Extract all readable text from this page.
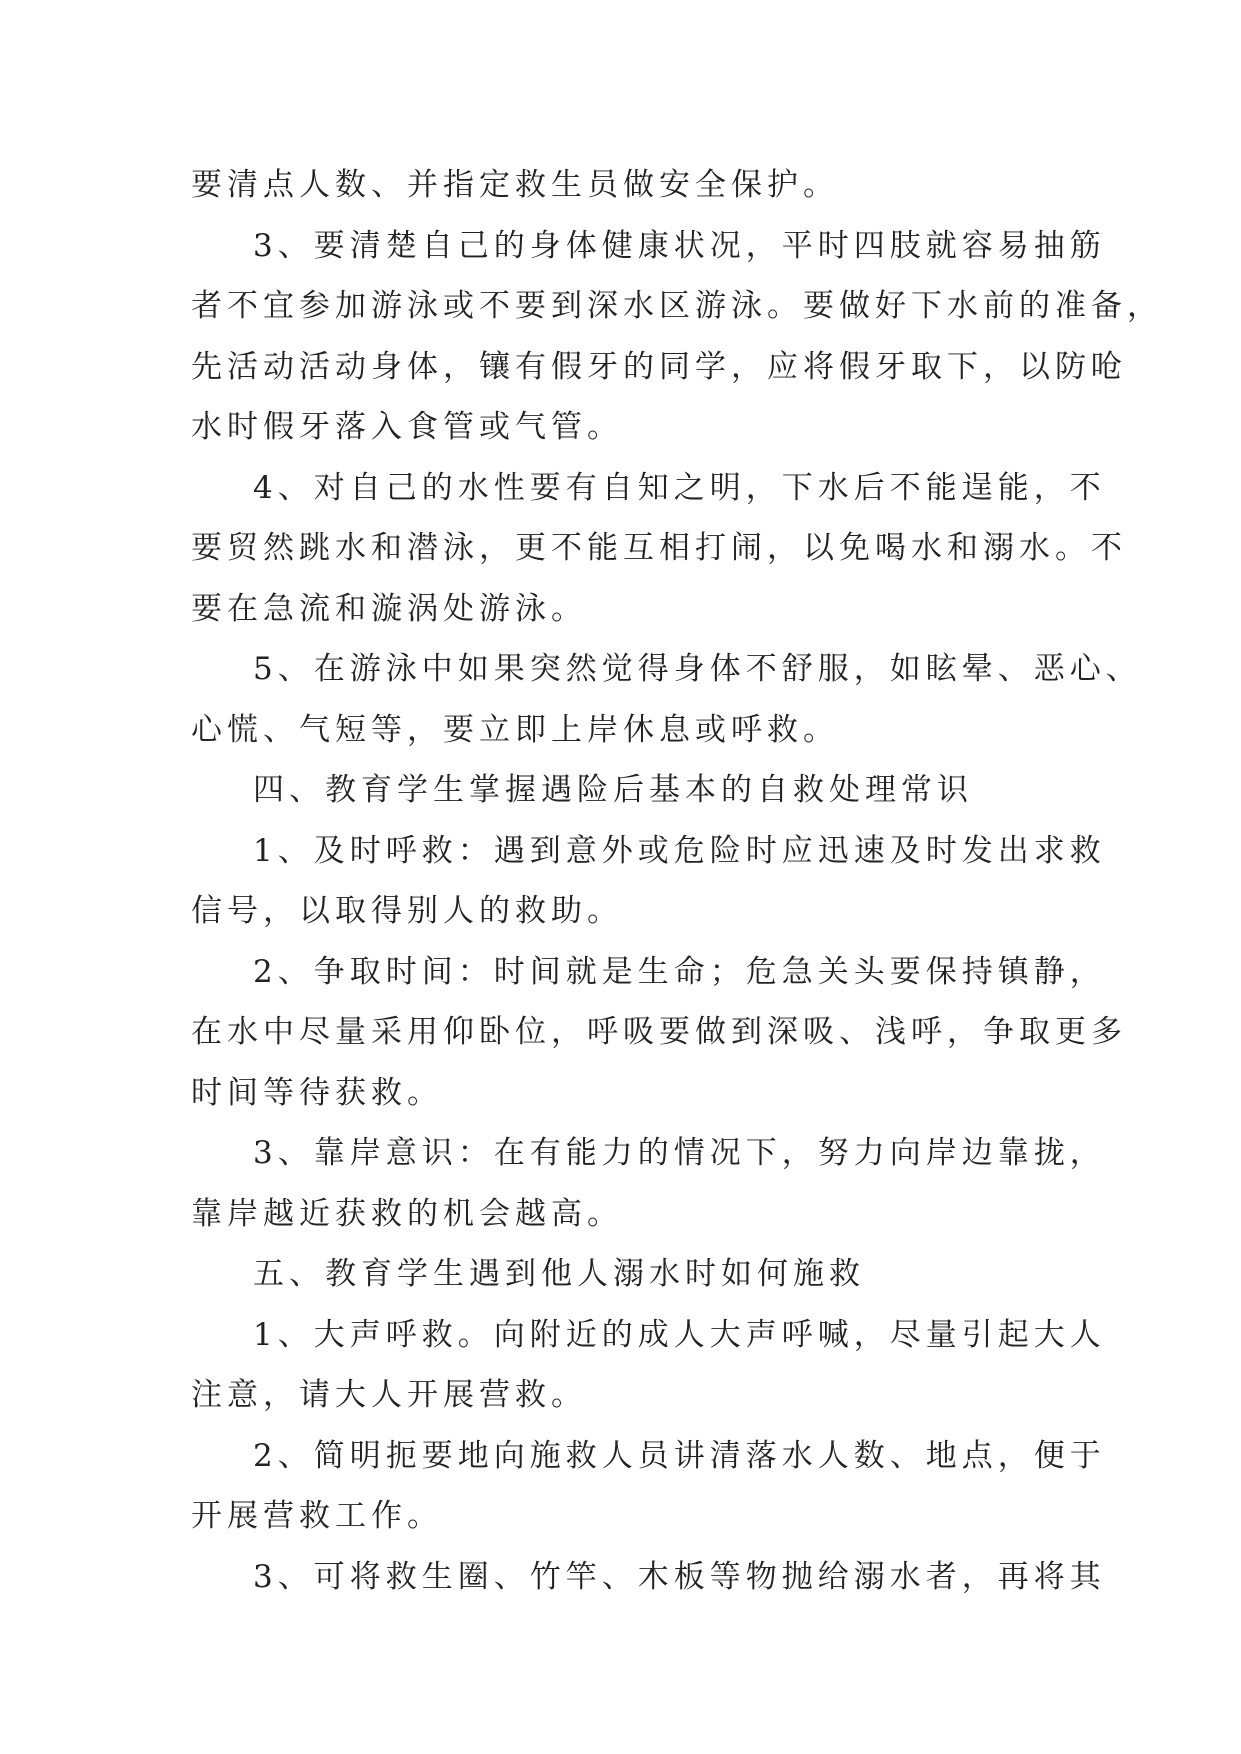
要清点人数、并指定救生员做安全保护。
3、要清楚自己的身体健康状况，平时四肢就容易抽筋
者不宜参加游泳或不要到深水区游泳。要做好下水前的准备，
先活动活动身体，镶有假牙的同学，应将假牙取下，以防呛
水时假牙落入食管或气管。
4、对自己的水性要有自知之明，下水后不能逞能，不
要贸然跳水和潜泳，更不能互相打闹，以免喝水和溺水。不
要在急流和漩涡处游泳。
5、在游泳中如果突然觉得身体不舒服，如眩晕、恶心、
心慌、气短等，要立即上岸休息或呼救。
四、教育学生掌握遇险后基本的自救处理常识
1、及时呼救：遇到意外或危险时应迅速及时发出求救
信号，以取得别人的救助。
2、争取时间：时间就是生命；危急关头要保持镇静，
在水中尽量采用仰卧位，呼吸要做到深吸、浅呼，争取更多
时间等待获救。
3、靠岸意识：在有能力的情况下，努力向岸边靠拢，
靠岸越近获救的机会越高。
五、教育学生遇到他人溺水时如何施救
1、大声呼救。向附近的成人大声呼喊，尽量引起大人
注意，请大人开展营救。
2、简明扼要地向施救人员讲清落水人数、地点，便于
开展营救工作。
3、可将救生圈、竹竿、木板等物抛给溺水者，再将其
